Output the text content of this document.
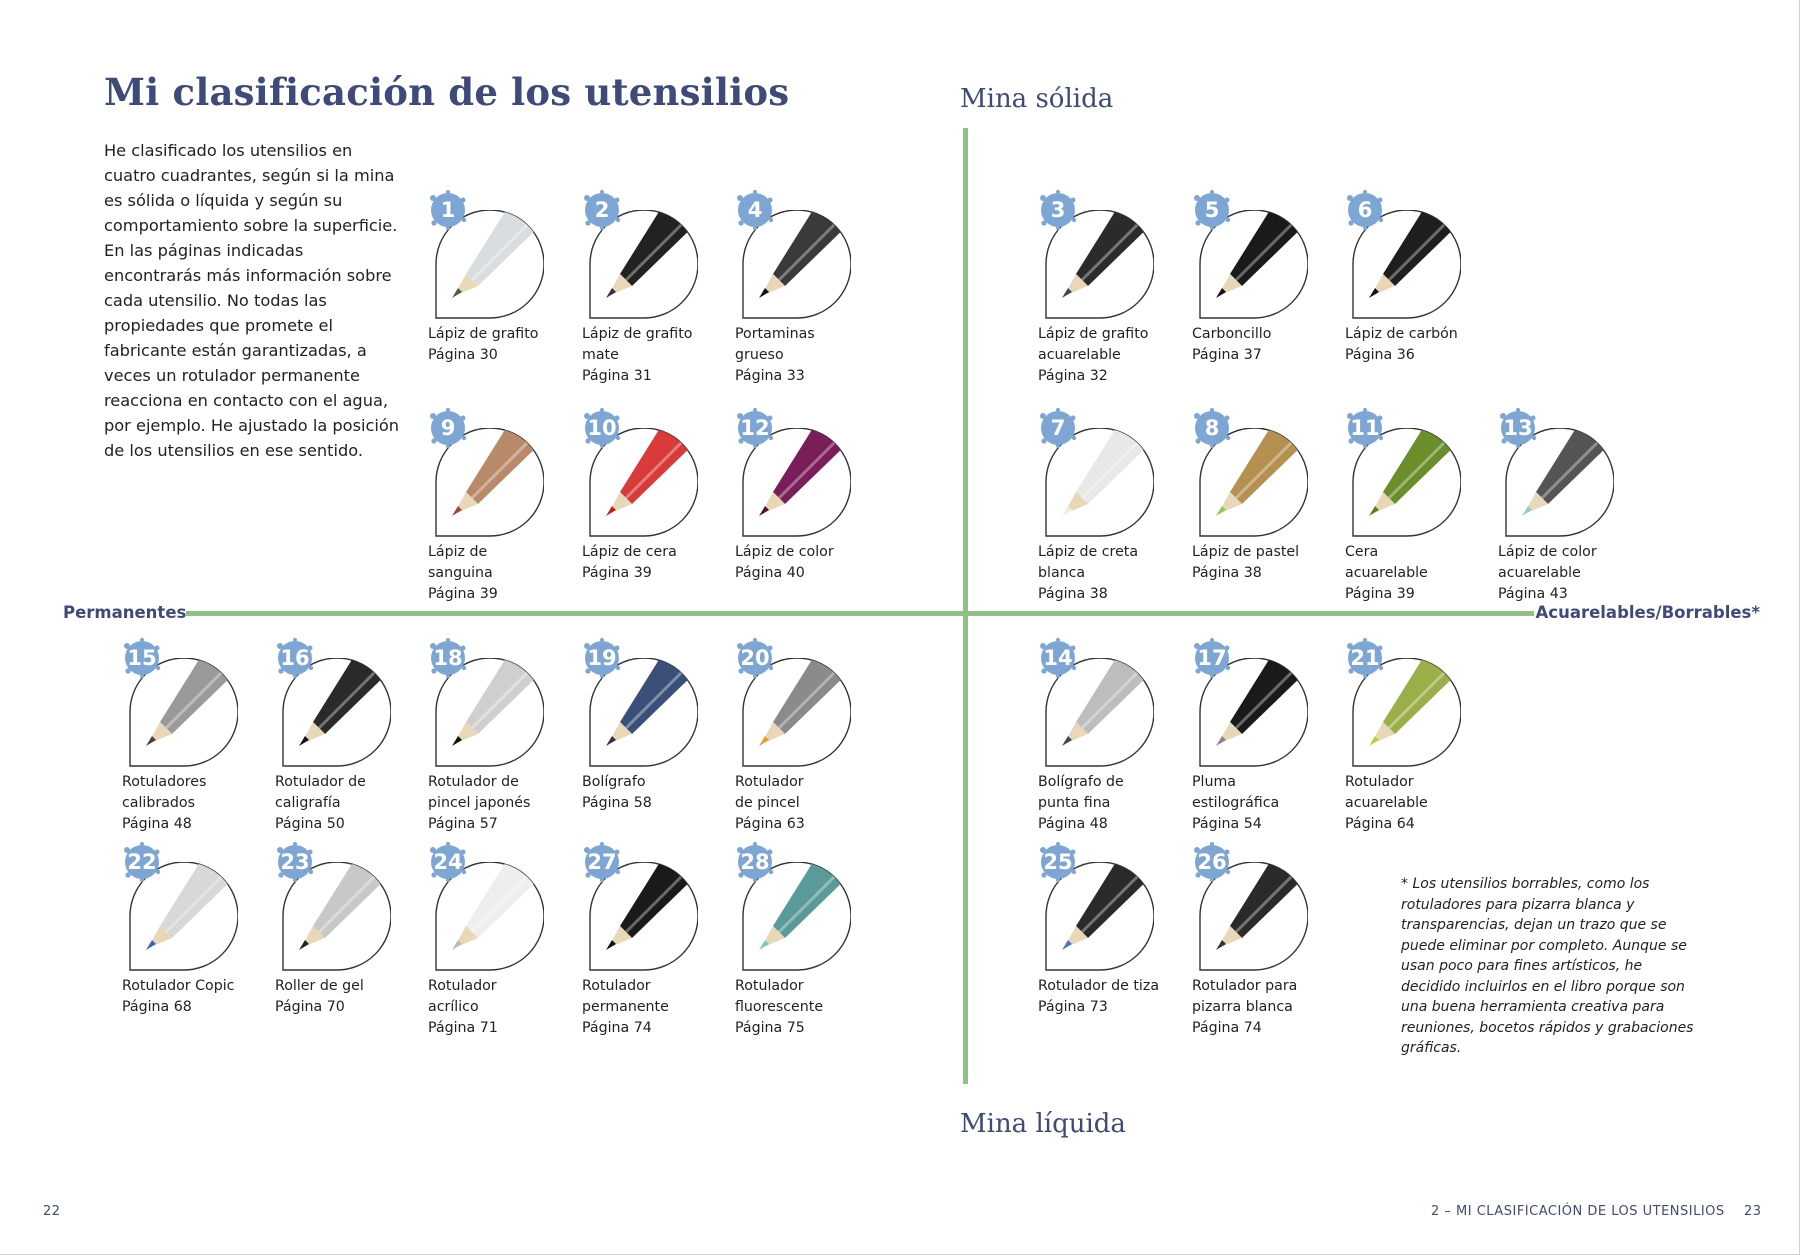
Mi clasificación de los utensilios

He clasificado los utensilios en cuatro cuadrantes, según si la mina es sólida o líquida y según su comportamiento sobre la superficie. En las páginas indicadas encontrarás más información sobre cada utensilio. No todas las propiedades que promete el fabricante están garantizadas, a veces un rotulador permanente reacciona en contacto con el agua, por ejemplo. He ajustado la posición de los utensilios en ese sentido.

Mina sólida
Mina líquida
Permanentes	Acuarelables/Borrables*
1
Lápiz de grafito
Página 30
2
Lápiz de grafito
mate
Página 31
4
Portaminas
grueso
Página 33
3
Lápiz de grafito
acuarelable
Página 32
5
Carboncillo
Página 37
6
Lápiz de carbón
Página 36
9
Lápiz de
sanguina
Página 39
10
Lápiz de cera
Página 39
12
Lápiz de color
Página 40
7
Lápiz de creta
blanca
Página 38
8
Lápiz de pastel
Página 38
11
Cera
acuarelable
Página 39
13
Lápiz de color
acuarelable
Página 43
15
Rotuladores
calibrados
Página 48
16
Rotulador de
caligrafía
Página 50
18
Rotulador de
pincel japonés
Página 57
19
Bolígrafo
Página 58
20
Rotulador
de pincel
Página 63
14
Bolígrafo de
punta fina
Página 48
17
Pluma
estilográfica
Página 54
21
Rotulador
acuarelable
Página 64
22
Rotulador Copic
Página 68
23
Roller de gel
Página 70
24
Rotulador
acrílico
Página 71
27
Rotulador
permanente
Página 74
28
Rotulador
fluorescente
Página 75
25
Rotulador de tiza
Página 73
26
Rotulador para
pizarra blanca
Página 74

* Los utensilios borrables, como los rotuladores para pizarra blanca y transparencias, dejan un trazo que se puede eliminar por completo. Aunque se usan poco para fines artísticos, he decidido incluirlos en el libro porque son una buena herramienta creativa para reuniones, bocetos rápidos y grabaciones gráficas.

22	2 – MI CLASIFICACIÓN DE LOS UTENSILIOS 23
